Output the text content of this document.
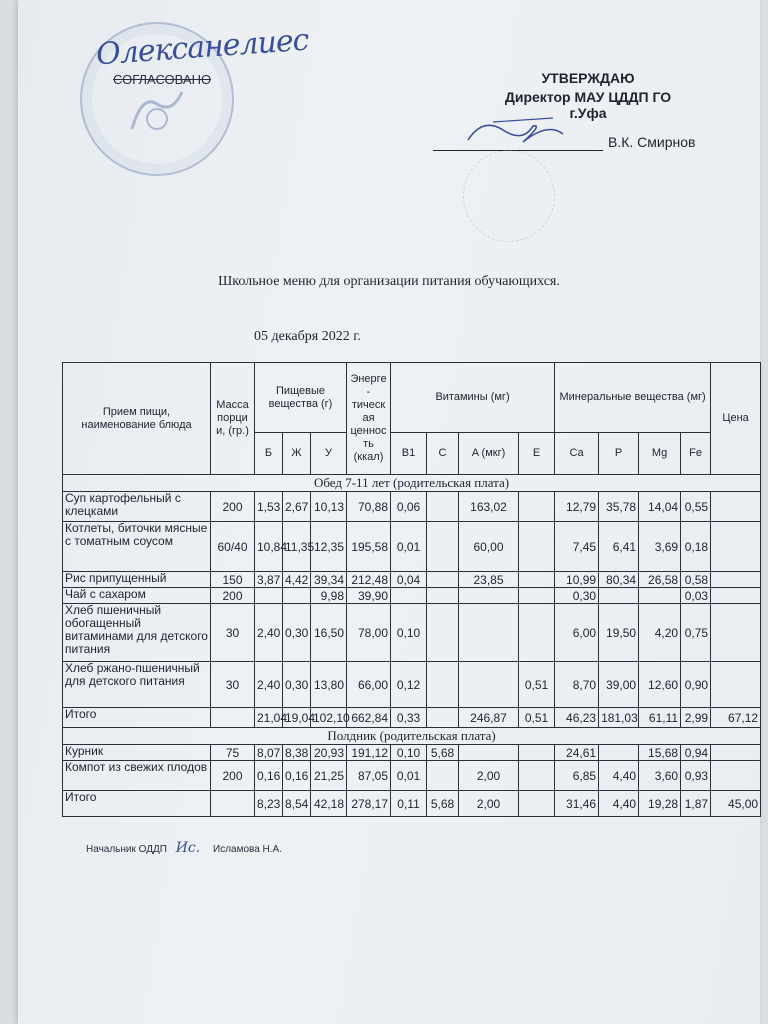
Олексанелиес
СОГЛАСОВАНО	УТВЕРЖДАЮ
Директор МАУ ЦДДП ГО г.Уфа
В.К. Смирнов
Школьное меню для организации питания обучающихся.
05 декабря 2022 г.
Прием пищи, наименование блюда	Масса порци и, (гр.)	Пищевые вещества (г)			Энерге - тическ ая ценнос ть (ккал)	Витамины (мг)				Минеральные вещества (мг)				Цена
		Б	Ж	У		B1	C	A (мкг)	E	Ca	P	Mg	Fe	
Обед 7-11 лет (родительская плата)														
Суп картофельный с клецками	200	1,53	2,67	10,13	70,88	0,06		163,02		12,79	35,78	14,04	0,55	
Котлеты, биточки мясные с томатным соусом	60/40	10,84	11,35	12,35	195,58	0,01		60,00		7,45	6,41	3,69	0,18	
Рис припущенный	150	3,87	4,42	39,34	212,48	0,04		23,85		10,99	80,34	26,58	0,58	
Чай с сахаром	200			9,98	39,90					0,30			0,03	
Хлеб пшеничный обогащенный витаминами для детского питания	30	2,40	0,30	16,50	78,00	0,10				6,00	19,50	4,20	0,75	
Хлеб ржано-пшеничный для детского питания	30	2,40	0,30	13,80	66,00	0,12			0,51	8,70	39,00	12,60	0,90	
Итого		21,04	19,04	102,10	662,84	0,33		246,87	0,51	46,23	181,03	61,11	2,99	67,12
Полдник (родительская плата)														
Курник	75	8,07	8,38	20,93	191,12	0,10	5,68			24,61		15,68	0,94	
Компот из свежих плодов	200	0,16	0,16	21,25	87,05	0,01		2,00		6,85	4,40	3,60	0,93	
Итого		8,23	8,54	42,18	278,17	0,11	5,68	2,00		31,46	4,40	19,28	1,87	45,00
Начальник ОДДП Ис. Исламова Н.А.
